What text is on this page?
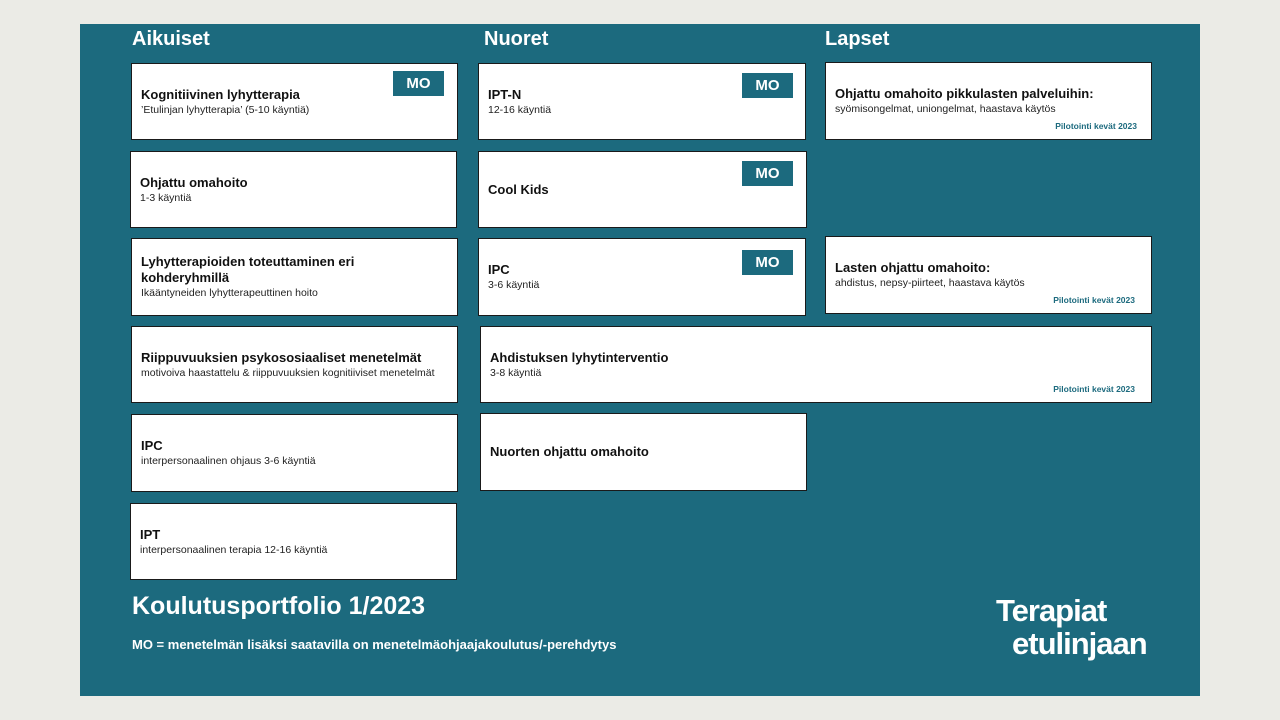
Aikuiset	Nuoret	Lapset
MO
Kognitiivinen lyhytterapia
’Etulinjan lyhytterapia’ (5-10 käyntiä)
Ohjattu omahoito
1-3 käyntiä
Lyhytterapioiden toteuttaminen eri kohderyhmillä
Ikääntyneiden lyhytterapeuttinen hoito
Riippuvuuksien psykososiaaliset menetelmät
motivoiva haastattelu & riippuvuuksien kognitiiviset menetelmät
IPC
interpersonaalinen ohjaus 3-6 käyntiä
IPT
interpersonaalinen terapia 12-16 käyntiä
MO
IPT-N
12-16 käyntiä
MO
Cool Kids
MO
IPC
3-6 käyntiä
Ahdistuksen lyhytinterventio
3-8 käyntiä
Pilotointi kevät 2023
Nuorten ohjattu omahoito
Ohjattu omahoito pikkulasten palveluihin:
syömisongelmat, uniongelmat, haastava käytös
Pilotointi kevät 2023
Lasten ohjattu omahoito:
ahdistus, nepsy-piirteet, haastava käytös
Pilotointi kevät 2023
Koulutusportfolio 1/2023
MO = menetelmän lisäksi saatavilla on menetelmäohjaajakoulutus/-perehdytys
Terapiat
etulinjaan
